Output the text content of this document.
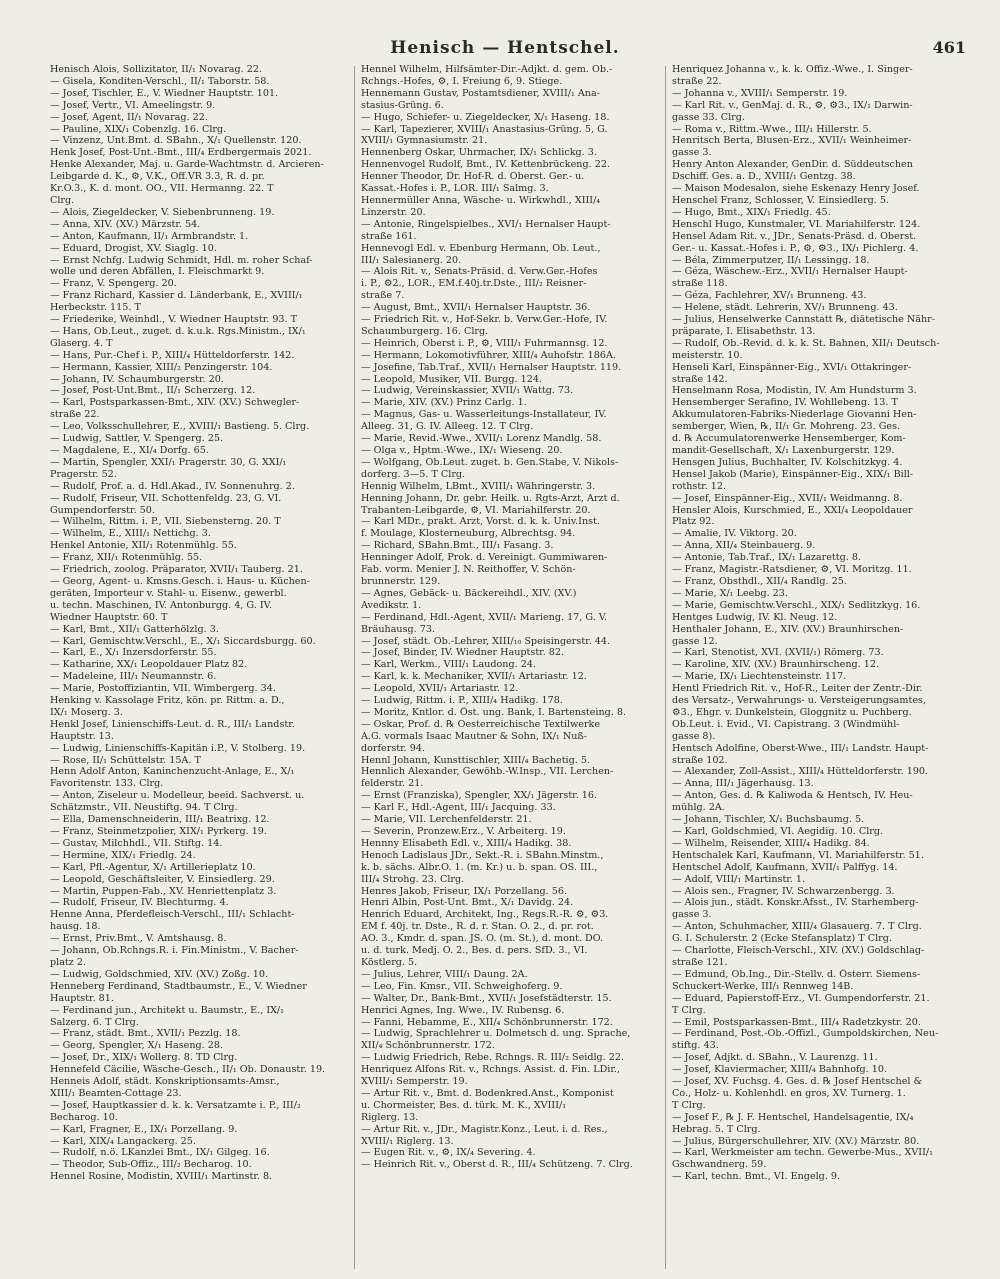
Henisch — Hentschel.	461
Henisch Alois, Sollizitator, II/₁ Novarag. 22.
— Gisela, Konditen-Verschl., II/₁ Taborstr. 58.
— Josef, Tischler, E., V. Wiedner Hauptstr. 101.
— Josef, Vertr., VI. Ameelingstr. 9.
— Josef, Agent, II/₁ Novarag. 22.
— Pauline, XIX/₁ Cobenzlg. 16. Clrg.
— Vinzenz, Unt.Bmt. d. SBahn., X/₁ Quellenstr. 120.
Henk Josef, Post-Unt.-Bmt., III/₄ Erdbergermais 2021.
Henke Alexander, Maj. u. Garde-Wachtmstr. d. Arcieren-
Leibgarde d. K., ⚙, V.K., Off.VR 3.3, R. d. pr.
Kr.O.3., K. d. mont. OO., VII. Hermanng. 22. T
Clrg.
— Alois, Ziegeldecker, V. Siebenbrunneng. 19.
— Anna, XIV. (XV.) Märzstr. 54.
— Anton, Kaufmann, II/₁ Armbrandstr. 1.
— Eduard, Drogist, XV. Siaglg. 10.
— Ernst Nchfg. Ludwig Schmidt, Hdl. m. roher Schaf-
wolle und deren Abfällen, I. Fleischmarkt 9.
— Franz, V. Spengerg. 20.
— Franz Richard, Kassier d. Länderbank, E., XVIII/₁
Herbeckstr. 115. T
— Friederike, Weinhdl., V. Wiedner Hauptstr. 93. T
— Hans, Ob.Leut., zuget. d. k.u.k. Rgs.Ministm., IX/₁
Glaserg. 4. T
— Hans, Pur.-Chef i. P., XIII/₄ Hütteldorferstr. 142.
— Hermann, Kassier, XIII/₂ Penzingerstr. 104.
— Johann, IV. Schaumburgerstr. 20.
— Josef, Post-Unt.Bmt., II/₁ Scherzerg. 12.
— Karl, Postsparkassen-Bmt., XIV. (XV.) Schwegler-
straße 22.
— Leo, Volksschullehrer, E., XVIII/₁ Bastieng. 5. Clrg.
— Ludwig, Sattler, V. Spengerg. 25.
— Magdalene, E., XI/₄ Dorfg. 65.
— Martin, Spengler, XXI/₁ Pragerstr. 30, G. XXI/₁
Pragerstr. 52.
— Rudolf, Prof. a. d. Hdl.Akad., IV. Sonnenuhrg. 2.
— Rudolf, Friseur, VII. Schottenfeldg. 23, G. VI.
Gumpendorferstr. 50.
— Wilhelm, Rittm. i. P., VII. Siebensterng. 20. T
— Wilhelm, E., XIII/₁ Nettichg. 3.
Henkel Antonie, XII/₁ Rotenmühlg. 55.
— Franz, XII/₁ Rotenmühlg. 55.
— Friedrich, zoolog. Präparator, XVII/₁ Tauberg. 21.
— Georg, Agent- u. Kmsns.Gesch. i. Haus- u. Küchen-
geräten, Importeur v. Stahl- u. Eisenw., gewerbl.
u. techn. Maschinen, IV. Antonburgg. 4, G. IV.
Wiedner Hauptstr. 60. T
— Karl, Bmt., XII/₁ Gatterhölzlg. 3.
— Karl, Gemischtw.Verschl., E., X/₁ Siccardsburgg. 60.
— Karl, E., X/₁ Inzersdorferstr. 55.
— Katharine, XX/₁ Leopoldauer Platz 82.
— Madeleine, III/₁ Neumannstr. 6.
— Marie, Postoffiziantin, VII. Wimbergerg. 34.
Henking v. Kassolage Fritz, kön. pr. Rittm. a. D.,
IX/₁ Moserg. 3.
Henkl Josef, Linienschiffs-Leut. d. R., III/₁ Landstr.
Hauptstr. 13.
— Ludwig, Linienschiffs-Kapitän i.P., V. Stolberg. 19.
— Rose, II/₁ Schüttelstr. 15A. T
Henn Adolf Anton, Kaninchenzucht-Anlage, E., X/₁
Favoritenstr. 133. Clrg.
— Anton, Ziseleur u. Modelleur, beeid. Sachverst. u.
Schätzmstr., VII. Neustiftg. 94. T Clrg.
— Ella, Damenschneiderin, III/₁ Beatrixg. 12.
— Franz, Steinmetzpolier, XIX/₁ Pyrkerg. 19.
— Gustav, Milchhdl., VII. Stiftg. 14.
— Hermine, XIX/₁ Friedlg. 24.
— Karl, Pfl.-Agentur, X/₁ Artillerieplatz 10.
— Leopold, Geschäftsleiter, V. Einsiedlerg. 29.
— Martin, Puppen-Fab., XV. Henriettenplatz 3.
— Rudolf, Friseur, IV. Blechturmg. 4.
Henne Anna, Pferdefleisch-Verschl., III/₁ Schlacht-
hausg. 18.
— Ernst, Priv.Bmt., V. Amtshausg. 8.
— Johann, Ob.Rchngs.R. i. Fin.Ministm., V. Bacher-
platz 2.
— Ludwig, Goldschmied, XIV. (XV.) Zoßg. 10.
Henneberg Ferdinand, Stadtbaumstr., E., V. Wiedner
Hauptstr. 81.
— Ferdinand jun., Architekt u. Baumstr., E., IX/₁
Salzerg. 6. T Clrg.
— Franz, städt. Bmt., XVII/₁ Pezzlg. 18.
— Georg, Spengler, X/₁ Haseng. 28.
— Josef, Dr., XIX/₁ Wollerg. 8. TD Clrg.
Hennefeld Cäcilie, Wäsche-Gesch., II/₁ Ob. Donaustr. 19.
Henneis Adolf, städt. Konskriptionsamts-Amsr.,
XIII/₁ Beamten-Cottage 23.
— Josef, Hauptkassier d. k. k. Versatzamte i. P., III/₂
Becharog. 10.
— Karl, Fragner, E., IX/₁ Porzellang. 9.
— Karl, XIX/₄ Langackerg. 25.
— Rudolf, n.ö. LKanzlei Bmt., IX/₁ Gilgeg. 16.
— Theodor, Sub-Offiz., III/₂ Becharog. 10.
Hennel Rosine, Modistin, XVIII/₁ Martinstr. 8.
Hennel Wilhelm, Hilfsämter-Dir.-Adjkt. d. gem. Ob.-
Rchngs.-Hofes, ⚙, I. Freiung 6, 9. Stiege.
Hennemann Gustav, Postamtsdiener, XVIII/₁ Ana-
stasius-Grüng. 6.
— Hugo, Schiefer- u. Ziegeldecker, X/₁ Haseng. 18.
— Karl, Tapezierer, XVIII/₁ Anastasius-Grüng. 5, G.
XVIII/₁ Gymnasiumstr. 21.
Hennenberg Oskar, Uhrmacher, IX/₁ Schlickg. 3.
Hennenvogel Rudolf, Bmt., IV. Kettenbrückeng. 22.
Henner Theodor, Dr. Hof-R. d. Oberst. Ger.- u.
Kassat.-Hofes i. P., LOR. III/₁ Salmg. 3.
Hennermüller Anna, Wäsche- u. Wirkwhdl., XIII/₄
Linzerstr. 20.
— Antonie, Ringelspielbes., XVI/₁ Hernalser Haupt-
straße 161.
Hennevogl Edl. v. Ebenburg Hermann, Ob. Leut.,
III/₁ Salesianerg. 20.
— Alois Rit. v., Senats-Präsid. d. Verw.Ger.-Hofes
i. P., ⚙2., LOR., EM.f.40j.tr.Dste., III/₂ Reisner-
straße 7.
— August, Bmt., XVII/₁ Hernalser Hauptstr. 36.
— Friedrich Rit. v., Hof-Sekr. b. Verw.Ger.-Hofe, IV.
Schaumburgerg. 16. Clrg.
— Heinrich, Oberst i. P., ⚙, VIII/₁ Fuhrmannsg. 12.
— Hermann, Lokomotivführer, XIII/₄ Auhofstr. 186A.
— Josefine, Tab.Traf., XVII/₁ Hernalser Hauptstr. 119.
— Leopold, Musiker, VII. Burgg. 124.
— Ludwig, Vereinskassier, XVII/₁ Wattg. 73.
— Marie, XIV. (XV.) Prinz Carlg. 1.
— Magnus, Gas- u. Wasserleitungs-Installateur, IV.
Alleeg. 31, G. IV. Alleeg. 12. T Clrg.
— Marie, Revid.-Wwe., XVII/₁ Lorenz Mandlg. 58.
— Olga v., Hptm.-Wwe., IX/₁ Wieseng. 20.
— Wolfgang, Ob.Leut. zuget. b. Gen.Stabe, V. Nikols-
dorferg. 3—5. T Clrg.
Hennig Wilhelm, LBmt., XVIII/₁ Währingerstr. 3.
Henning Johann, Dr. gebr. Heilk. u. Rgts-Arzt, Arzt d.
Trabanten-Leibgarde, ⚙, VI. Mariahilferstr. 20.
— Karl MDr., prakt. Arzt, Vorst. d. k. k. Univ.Inst.
f. Moulage, Klosterneuburg, Albrechtsg. 94.
— Richard, SBahn.Bmt., III/₁ Fasang. 3.
Henninger Adolf, Prok. d. Vereinigt. Gummiwaren-
Fab. vorm. Menier J. N. Reithoffer, V. Schön-
brunnerstr. 129.
— Agnes, Gebäck- u. Bäckereihdl., XIV. (XV.)
Avedikstr. 1.
— Ferdinand, Hdl.-Agent, XVII/₁ Marieng. 17, G. V.
Bräuhausg. 73.
— Josef, städt. Ob.-Lehrer, XIII/₁₀ Speisingerstr. 44.
— Josef, Binder, IV. Wiedner Hauptstr. 82.
— Karl, Werkm., VIII/₁ Laudong. 24.
— Karl, k. k. Mechaniker, XVII/₁ Artariastr. 12.
— Leopold, XVII/₁ Artariastr. 12.
— Ludwig, Rittm. i. P., XIII/₄ Hadikg. 178.
— Moritz, Kntlor. d. Öst. ung. Bank, I. Bartensteing. 8.
— Oskar, Prof. d. ℞ Oesterreichische Textilwerke
A.G. vormals Isaac Mautner & Sohn, IX/₁ Nuß-
dorferstr. 94.
Hennl Johann, Kunsttischler, XIII/₄ Bachetig. 5.
Hennlich Alexander, Gewöhb.-W.Insp., VII. Lerchen-
felderstr. 21.
— Ernst (Franziska), Spengler, XX/₁ Jägerstr. 16.
— Karl F., Hdl.-Agent, III/₁ Jacquing. 33.
— Marie, VII. Lerchenfelderstr. 21.
— Severin, Pronzew.Erz., V. Arbeiterg. 19.
Hennny Elisabeth Edl. v., XIII/₄ Hadikg. 38.
Henoch Ladislaus JDr., Sekt.-R. i. SBahn.Minstm.,
k. b. sächs. Albr.O. 1. (m. Kr.) u. b. span. OS. III.,
III/₄ Strohg. 23. Clrg.
Henres Jakob, Friseur, IX/₁ Porzellang. 56.
Henri Albin, Post-Unt. Bmt., X/₁ Davidg. 24.
Henrich Eduard, Architekt, Ing., Regs.R.-R. ⚙, ⚙3.
EM f. 40j. tr. Dste., R. d. r. Stan. O. 2., d. pr. rot.
AO. 3., Kmdr. d. span. JS. O. (m. St.), d. mont. DO.
u. d. turk. Medj. O. 2., Bes. d. pers. SfD. 3., VI.
Köstlerg. 5.
— Julius, Lehrer, VIII/₁ Daung. 2A.
— Leo, Fin. Kmsr., VII. Schweighoferg. 9.
— Walter, Dr., Bank-Bmt., XVII/₁ Josefstädterstr. 15.
Henrici Agnes, Ing. Wwe., IV. Rubensg. 6.
— Fanni, Hebamme, E., XII/₄ Schönbrunnerstr. 172.
— Ludwig, Sprachlehrer u. Dolmetsch d. ung. Sprache,
XII/₄ Schönbrunnerstr. 172.
— Ludwig Friedrich, Rebe. Rchngs. R. III/₂ Seidlg. 22.
Henriquez Alfons Rit. v., Rchngs. Assist. d. Fin. LDir.,
XVIII/₁ Semperstr. 19.
— Artur Rit. v., Bmt. d. Bodenkred.Anst., Komponist
u. Chormeister, Bes. d. türk. M. K., XVIII/₁
Riglerg. 13.
— Artur Rit. v., JDr., Magistr.Konz., Leut. i. d. Res.,
XVIII/₁ Riglerg. 13.
— Eugen Rit. v., ⚙, IX/₄ Severing. 4.
— Heinrich Rit. v., Oberst d. R., III/₄ Schützeng. 7. Clrg.
Henriquez Johanna v., k. k. Offiz.-Wwe., I. Singer-
straße 22.
— Johanna v., XVIII/₁ Semperstr. 19.
— Karl Rit. v., GenMaj. d. R., ⚙, ⚙3., IX/₁ Darwin-
gasse 33. Clrg.
— Roma v., Rittm.-Wwe., III/₁ Hillerstr. 5.
Henritsch Berta, Blusen-Erz., XVII/₁ Weinheimer-
gasse 3.
Henry Anton Alexander, GenDir. d. Süddeutschen
Dschiff. Ges. a. D., XVIII/₁ Gentzg. 38.
— Maison Modesalon, siehe Eskenazy Henry Josef.
Henschel Franz, Schlosser, V. Einsiedlerg. 5.
— Hugo, Bmt., XIX/₁ Friedlg. 45.
Henschl Hugo, Kunstmaler, VI. Mariahilferstr. 124.
Hensel Adam Rit. v., JDr., Senats-Präsd. d. Oberst.
Ger.- u. Kassat.-Hofes i. P., ⚙, ⚙3., IX/₁ Pichlerg. 4.
— Béla, Zimmerputzer, II/₁ Lessingg. 18.
— Géza, Wäschew.-Erz., XVII/₁ Hernalser Haupt-
straße 118.
— Géza, Fachlehrer, XV/₁ Brunneng. 43.
— Helene, städt. Lehrerin, XV/₁ Brunneng. 43.
— Julius, Henselwerke Cannstatt ℞, diätetische Nähr-
präparate, I. Elisabethstr. 13.
— Rudolf, Ob.-Revid. d. k. k. St. Bahnen, XII/₁ Deutsch-
meisterstr. 10.
Henseli Karl, Einspänner-Eig., XVI/₁ Ottakringer-
straße 142.
Henselmann Rosa, Modistin, IV. Am Hundsturm 3.
Hensemberger Serafino, IV. Wohllebeng. 13. T
Akkumulatoren-Fabriks-Niederlage Giovanni Hen-
semberger, Wien, ℞, II/₁ Gr. Mohreng. 23. Ges.
d. ℞ Accumulatorenwerke Hensemberger, Kom-
mandit-Gesellschaft, X/₁ Laxenburgerstr. 129.
Hensgen Julius, Buchhalter, IV. Kolschitzkyg. 4.
Hensel Jakob (Marie), Einspänner-Eig., XIX/₁ Bill-
rothstr. 12.
— Josef, Einspänner-Eig., XVII/₁ Weidmanng. 8.
Hensler Alois, Kurschmied, E., XXI/₄ Leopoldauer
Platz 92.
— Amalie, IV. Viktorg. 20.
— Anna, XII/₄ Steinbauerg. 9.
— Antonie, Tab.Traf., IX/₁ Lazarettg. 8.
— Franz, Magistr.-Ratsdiener, ⚙, VI. Moritzg. 11.
— Franz, Obsthdl., XII/₄ Randlg. 25.
— Marie, X/₁ Leebg. 23.
— Marie, Gemischtw.Verschl., XIX/₁ Sedlitzkyg. 16.
Hentges Ludwig, IV. Kl. Neug. 12.
Henthaler Johann, E., XIV. (XV.) Braunhirschen-
gasse 12.
— Karl, Stenotist, XVI. (XVII/₁) Römerg. 73.
— Karoline, XIV. (XV.) Braunhirscheng. 12.
— Marie, IX/₁ Liechtensteinstr. 117.
Hentl Friedrich Rit. v., Hof-R., Leiter der Zentr.-Dir.
des Versatz-, Verwahrungs- u. Versteigerungsamtes,
⚙3., Ehgr. v. Dunkelstein, Gloggnitz u. Puchberg.
Ob.Leut. i. Evid., VI. Capistrang. 3 (Windmühl-
gasse 8).
Hentsch Adolfine, Oberst-Wwe., III/₁ Landstr. Haupt-
straße 102.
— Alexander, Zoll-Assist., XIII/₄ Hütteldorferstr. 190.
— Anna, III/₁ Jägerhausg. 13.
— Anton, Ges. d. ℞ Kaliwoda & Hentsch, IV. Heu-
mühlg. 2A.
— Johann, Tischler, X/₁ Buchsbaumg. 5.
— Karl, Goldschmied, VI. Aegidig. 10. Clrg.
— Wilhelm, Reisender, XIII/₄ Hadikg. 84.
Hentschalek Karl, Kaufmann, VI. Mariahilferstr. 51.
Hentschel Adolf, Kaufmann, XVII/₁ Palffyg. 14.
— Adolf, VIII/₁ Martinstr. 1.
— Alois sen., Fragner, IV. Schwarzenbergg. 3.
— Alois jun., städt. Konskr.Afsst., IV. Starhemberg-
gasse 3.
— Anton, Schuhmacher, XIII/₄ Glasauerg. 7. T Clrg.
G. I. Schulerstr. 2 (Ecke Stefansplatz) T Clrg.
— Charlotte, Fleisch-Verschl., XIV. (XV.) Goldschlag-
straße 121.
— Edmund, Ob.Ing., Dir.-Stellv. d. Österr. Siemens-
Schuckert-Werke, III/₁ Rennweg 14B.
— Eduard, Papierstoff-Erz., VI. Gumpendorferstr. 21.
T Clrg.
— Emil, Postsparkassen-Bmt., III/₄ Radetzkystr. 20.
— Ferdinand, Post.-Ob.-Offizl., Gumpoldskirchen, Neu-
stiftg. 43.
— Josef, Adjkt. d. SBahn., V. Laurenzg. 11.
— Josef, Klaviermacher, XIII/₄ Bahnhofg. 10.
— Josef, XV. Fuchsg. 4. Ges. d. ℞ Josef Hentschel &
Co., Holz- u. Kohlenhdl. en gros, XV. Turnerg. 1.
T Clrg.
— Josef F., ℞ J. F. Hentschel, Handelsagentie, IX/₄
Hebrag. 5. T Clrg.
— Julius, Bürgerschullehrer, XIV. (XV.) Märzstr. 80.
— Karl, Werkmeister am techn. Gewerbe-Mus., XVII/₁
Gschwandnerg. 59.
— Karl, techn. Bmt., VI. Engelg. 9.
